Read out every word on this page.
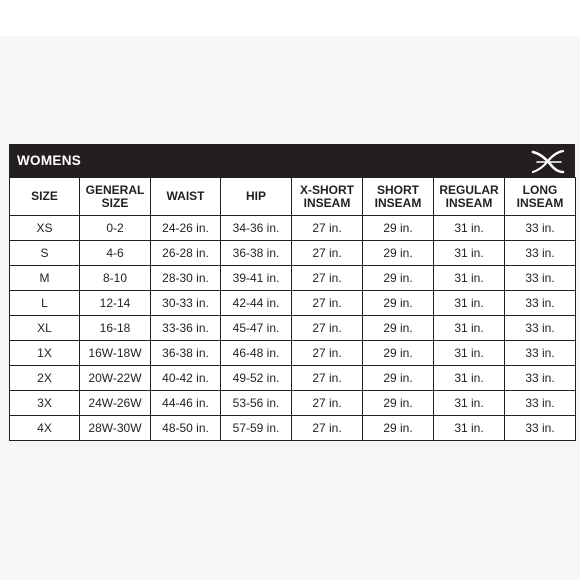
WOMENS
SIZE	GENERAL SIZE	WAIST	HIP	X-SHORT INSEAM	SHORT INSEAM	REGULAR INSEAM	LONG INSEAM
XS	0-2	24-26 in.	34-36 in.	27 in.	29 in.	31 in.	33 in.
S	4-6	26-28 in.	36-38 in.	27 in.	29 in.	31 in.	33 in.
M	8-10	28-30 in.	39-41 in.	27 in.	29 in.	31 in.	33 in.
L	12-14	30-33 in.	42-44 in.	27 in.	29 in.	31 in.	33 in.
XL	16-18	33-36 in.	45-47 in.	27 in.	29 in.	31 in.	33 in.
1X	16W-18W	36-38 in.	46-48 in.	27 in.	29 in.	31 in.	33 in.
2X	20W-22W	40-42 in.	49-52 in.	27 in.	29 in.	31 in.	33 in.
3X	24W-26W	44-46 in.	53-56 in.	27 in.	29 in.	31 in.	33 in.
4X	28W-30W	48-50 in.	57-59 in.	27 in.	29 in.	31 in.	33 in.
